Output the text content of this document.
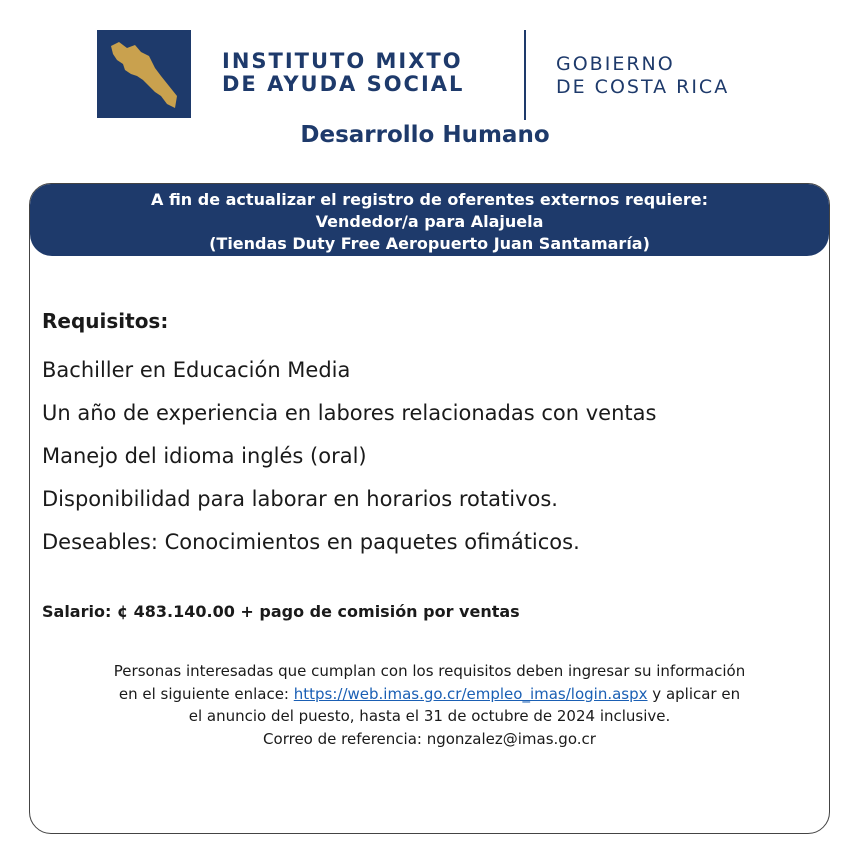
INSTITUTO MIXTO
DE AYUDA SOCIAL
GOBIERNO
DE COSTA RICA
Desarrollo Humano
A fin de actualizar el registro de oferentes externos requiere:
Vendedor/a para Alajuela
(Tiendas Duty Free Aeropuerto Juan Santamaría)
Requisitos:
Bachiller en Educación Media
Un año de experiencia en labores relacionadas con ventas
Manejo del idioma inglés (oral)
Disponibilidad para laborar en horarios rotativos.
Deseables: Conocimientos en paquetes ofimáticos.
Salario: ¢ 483.140.00 + pago de comisión por ventas
Personas interesadas que cumplan con los requisitos deben ingresar su información
en el siguiente enlace: https://web.imas.go.cr/empleo_imas/login.aspx y aplicar en
el anuncio del puesto, hasta el 31 de octubre de 2024 inclusive.
Correo de referencia: ngonzalez@imas.go.cr
